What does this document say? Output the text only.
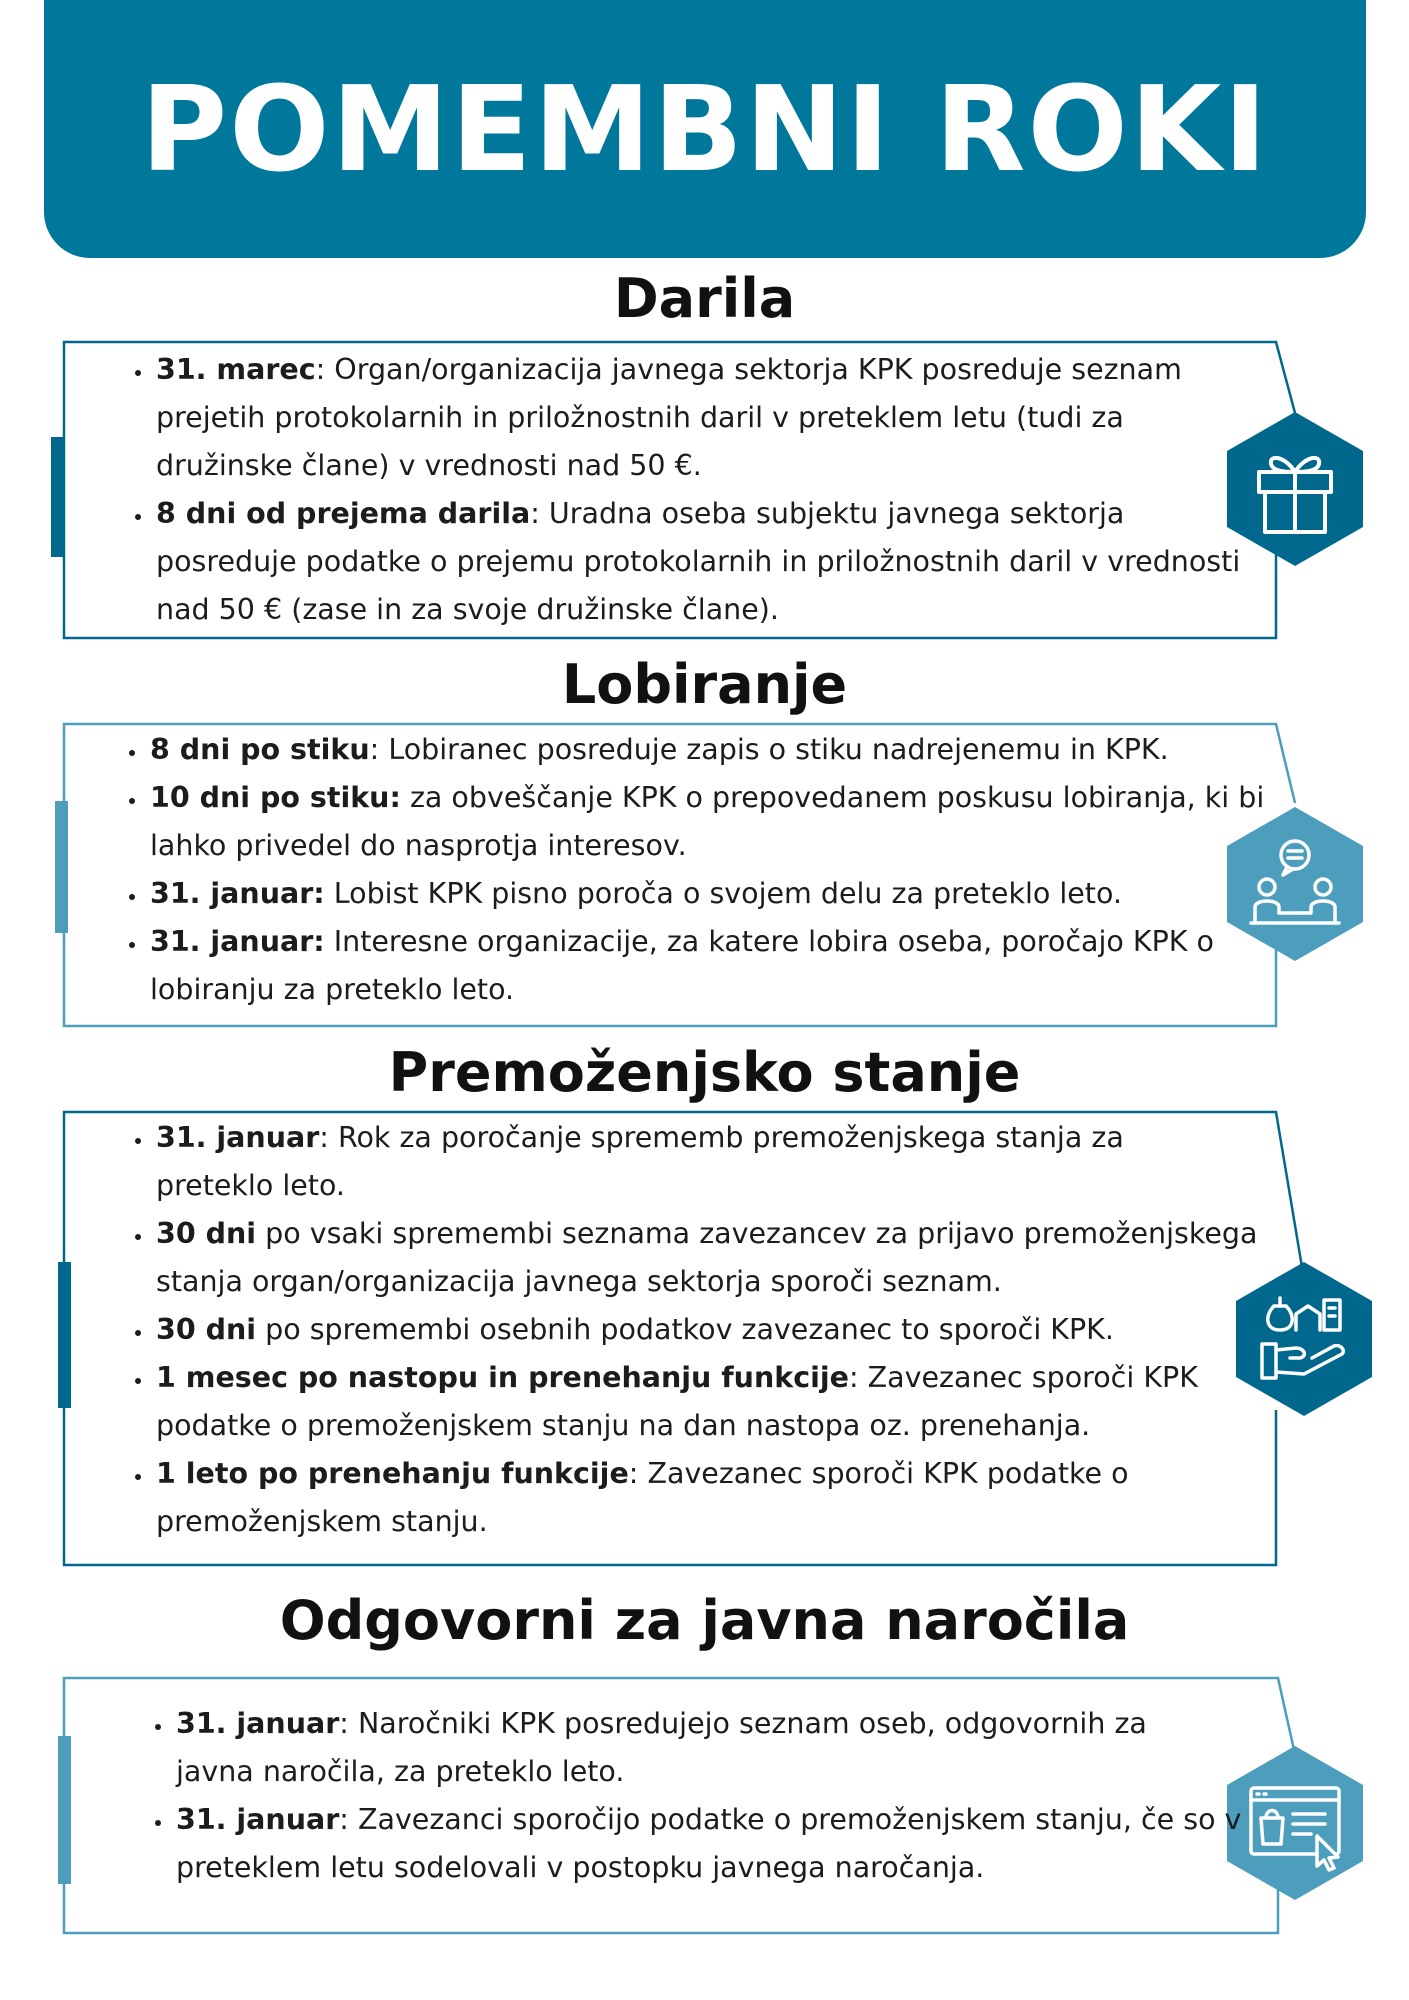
POMEMBNI ROKI
Darila
• 31. marec: Organ/organizacija javnega sektorja KPK posreduje seznam prejetih protokolarnih in priložnostnih daril v preteklem letu (tudi za družinske člane) v vrednosti nad 50 €.
• 8 dni od prejema darila: Uradna oseba subjektu javnega sektorja posreduje podatke o prejemu protokolarnih in priložnostnih daril v vrednosti nad 50 € (zase in za svoje družinske člane).
Lobiranje
• 8 dni po stiku: Lobiranec posreduje zapis o stiku nadrejenemu in KPK.
• 10 dni po stiku: za obveščanje KPK o prepovedanem poskusu lobiranja, ki bi lahko privedel do nasprotja interesov.
• 31. januar: Lobist KPK pisno poroča o svojem delu za preteklo leto.
• 31. januar: Interesne organizacije, za katere lobira oseba, poročajo KPK o lobiranju za preteklo leto.
Premoženjsko stanje
• 31. januar: Rok za poročanje sprememb premoženjskega stanja za preteklo leto.
• 30 dni po vsaki spremembi seznama zavezancev za prijavo premoženjskega stanja organ/organizacija javnega sektorja sporoči seznam.
• 30 dni po spremembi osebnih podatkov zavezanec to sporoči KPK.
• 1 mesec po nastopu in prenehanju funkcije: Zavezanec sporoči KPK podatke o premoženjskem stanju na dan nastopa oz. prenehanja.
• 1 leto po prenehanju funkcije: Zavezanec sporoči KPK podatke o premoženjskem stanju.
Odgovorni za javna naročila
• 31. januar: Naročniki KPK posredujejo seznam oseb, odgovornih za javna naročila, za preteklo leto.
• 31. januar: Zavezanci sporočijo podatke o premoženjskem stanju, če so v preteklem letu sodelovali v postopku javnega naročanja.
